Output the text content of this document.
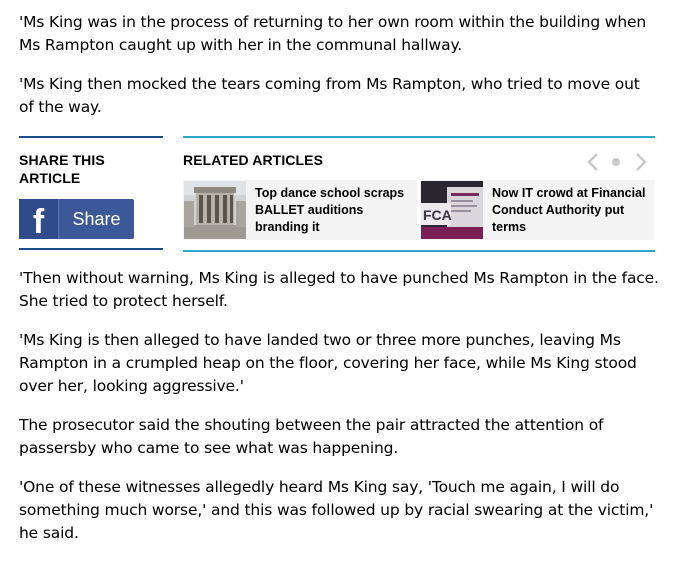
'Ms King was in the process of returning to her own room within the building when Ms Rampton caught up with her in the communal hallway.

'Ms King then mocked the tears coming from Ms Rampton, who tried to move out of the way.

SHARE THIS ARTICLE
f	Share
RELATED ARTICLES
Top dance school scraps BALLET auditions branding it
FCA
Now IT crowd at Financial Conduct Authority put terms

'Then without warning, Ms King is alleged to have punched Ms Rampton in the face. She tried to protect herself.

'Ms King is then alleged to have landed two or three more punches, leaving Ms Rampton in a crumpled heap on the floor, covering her face, while Ms King stood over her, looking aggressive.'

The prosecutor said the shouting between the pair attracted the attention of passersby who came to see what was happening.

'One of these witnesses allegedly heard Ms King say, 'Touch me again, I will do something much worse,' and this was followed up by racial swearing at the victim,' he said.
